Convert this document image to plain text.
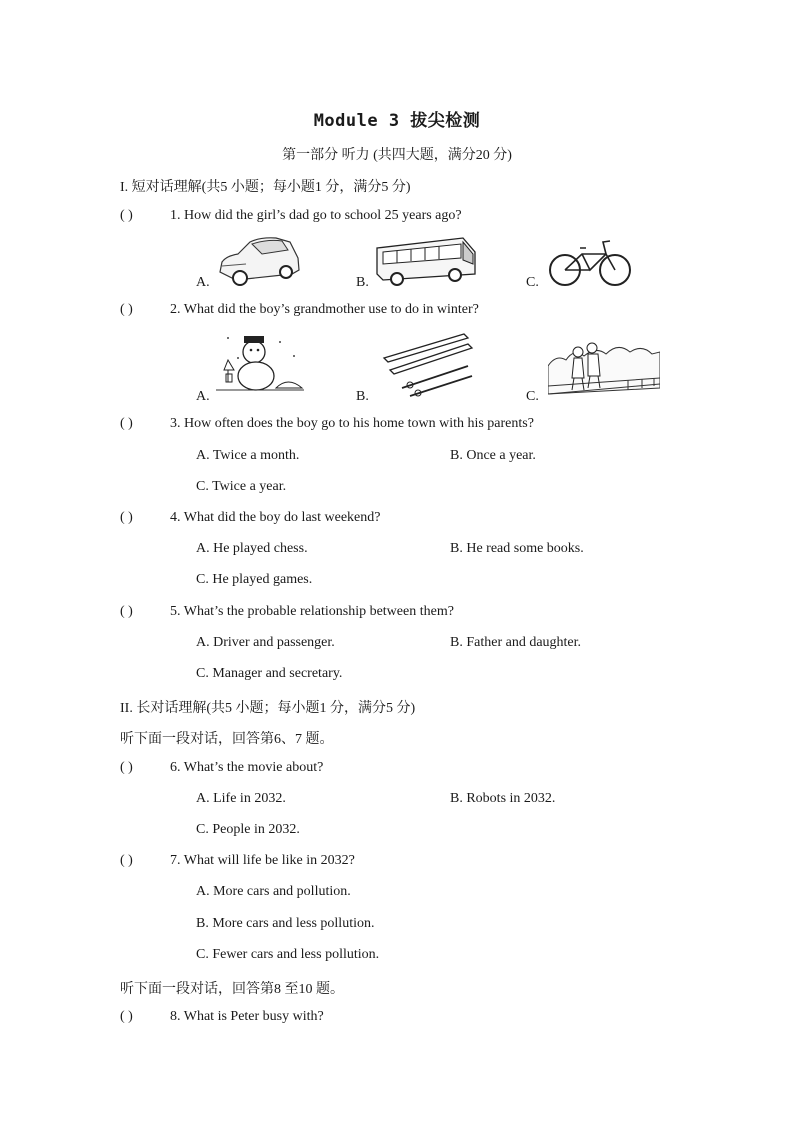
Module 3 拔尖检测
第一部分 听力 (共四大题，满分20 分)
I. 短对话理解(共5 小题；每小题1 分，满分5 分)
( )	1. How did the girl’s dad go to school 25 years ago?
A.	B.	C.
( )	2. What did the boy’s grandmother use to do in winter?
A.	B.	C.
( )	3. How often does the boy go to his home town with his parents?
A. Twice a month.	B. Once a year.
C. Twice a year.
( )	4. What did the boy do last weekend?
A. He played chess.	B. He read some books.
C. He played games.
( )	5. What’s the probable relationship between them?
A. Driver and passenger.	B. Father and daughter.
C. Manager and secretary.
II. 长对话理解(共5 小题；每小题1 分，满分5 分)
听下面一段对话，回答第6、7 题。
( )	6. What’s the movie about?
A. Life in 2032.	B. Robots in 2032.
C. People in 2032.
( )	7. What will life be like in 2032?
A. More cars and pollution.
B. More cars and less pollution.
C. Fewer cars and less pollution.
听下面一段对话，回答第8 至10 题。
( )	8. What is Peter busy with?
